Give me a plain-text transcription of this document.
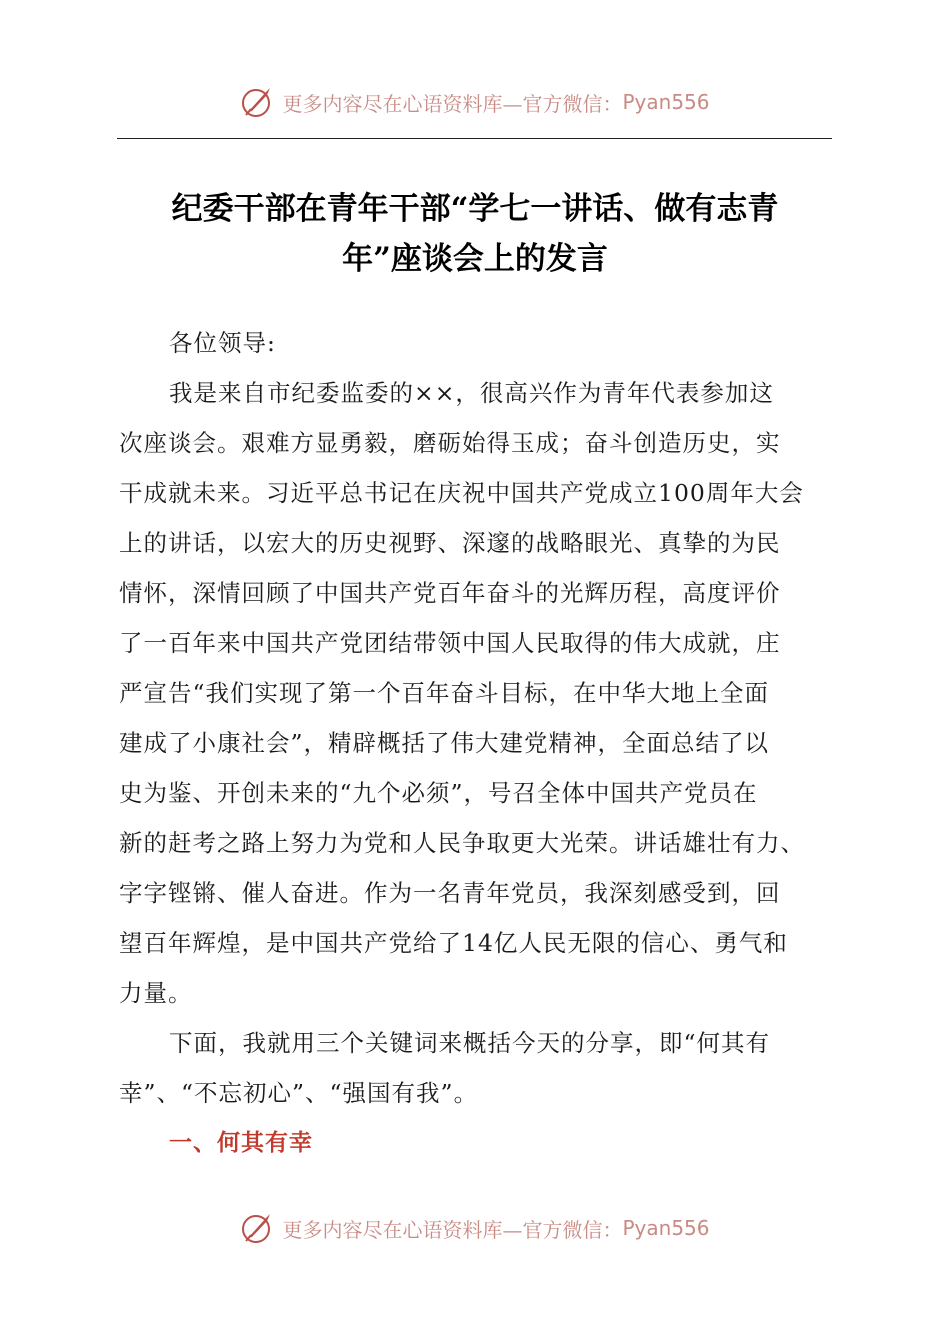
更多内容尽在心语资料库—官方微信： Pyan556
纪委干部在青年干部“学七一讲话、做有志青
年”座谈会上的发言
各位领导:
我是来自市纪委监委的××，很高兴作为青年代表参加这
次座谈会。艰难方显勇毅，磨砺始得玉成；奋斗创造历史，实
干成就未来。习近平总书记在庆祝中国共产党成立100周年大会
上的讲话，以宏大的历史视野、深邃的战略眼光、真挚的为民
情怀，深情回顾了中国共产党百年奋斗的光辉历程，高度评价
了一百年来中国共产党团结带领中国人民取得的伟大成就，庄
严宣告“我们实现了第一个百年奋斗目标，在中华大地上全面
建成了小康社会”，精辟概括了伟大建党精神，全面总结了以
史为鉴、开创未来的“九个必须”，号召全体中国共产党员在
新的赶考之路上努力为党和人民争取更大光荣。讲话雄壮有力、
字字铿锵、催人奋进。作为一名青年党员，我深刻感受到，回
望百年辉煌，是中国共产党给了14亿人民无限的信心、勇气和
力量。
下面，我就用三个关键词来概括今天的分享，即“何其有
幸”、“不忘初心”、“强国有我”。
一、何其有幸
更多内容尽在心语资料库—官方微信： Pyan556
